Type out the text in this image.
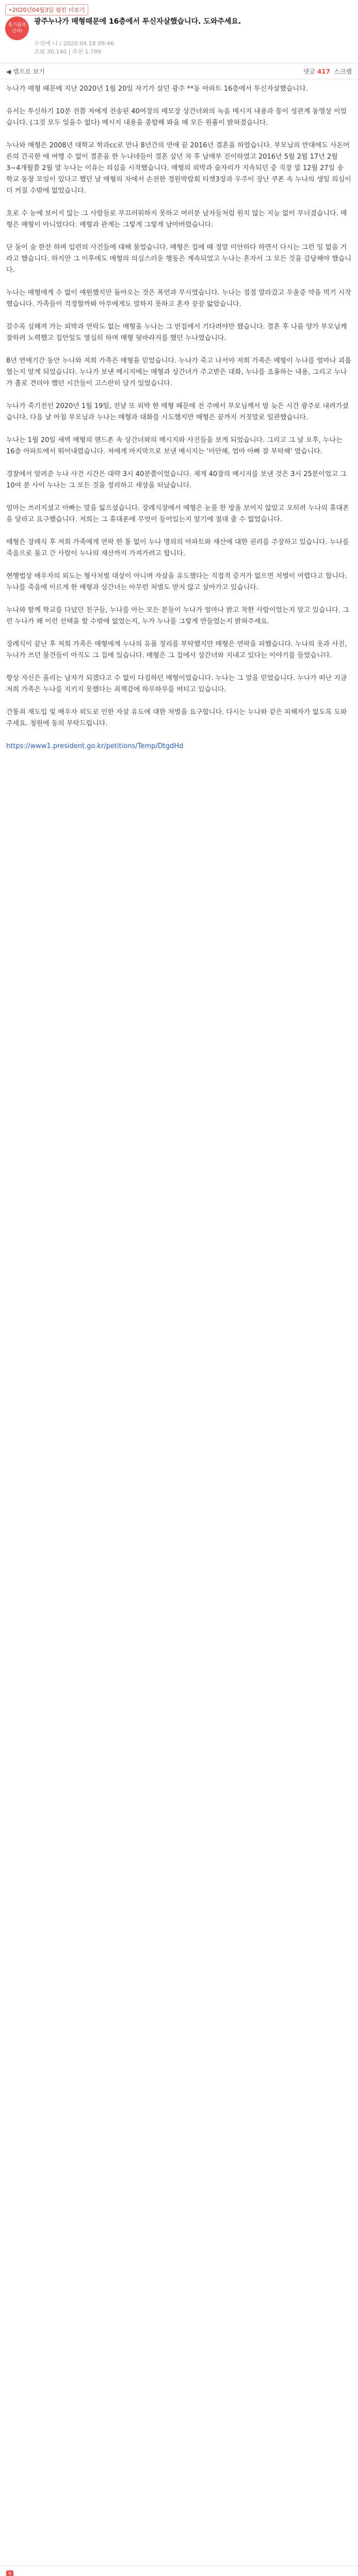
•2020년04월3일 펌킨 더보기
혹기품의 신퍼!
광주​누나가 매형때문에 16층에서 투신자살했습니다. 도와주세요.
수갓에 니 / 2020.04.18 09:46
조회 30,140 | 추천 1,789
◀ 앱으로 보기	댓글 417 스크랩

누나가 매형 때문에 지난 2020년 1월 20일 자기가 살던 광주 **동 아파트 16층에서 투신자살했습니다.

유서는 투신하기 10분 전쯤 저에게 전송된 40여장의 메모장 상간녀와의 녹음 메시지 내용과 통이 성관계 동영상 이었습니다. (그것 모두 잊을수 없다) 메시지 내용을 종합해 봐을 때 모든 원흉이 밝혀졌습니다.

누나와 매형은 2008년 대학교 학과cc로 만나 8년간의 연애 끝 2016년 결혼을 하였습니다. 부모님의 반대에도 사돈어른의 간곡한 에 여행 수 없이 결혼을 한 누나네들이 결혼 삼년 차 후 남매부 진이하였고 2016년 5월 2월 17년 2월 3~4개월쯤 2월 말 누나는 이유는 의심을 시작했습니다. 매형의 외박과 술자리가 지속되던 중 직장 말 12월 27일 송 학교 동창 모임이 있다고 했던 날 매형의 차에서 손전한 정원박람회 티켓3장과 우주이 장난 쿠폰 속 누나의 생일 의심이 더 커질 수밖에 없었습니다.

호로 수 눈에 보이지 않는 그 사람들로 부끄러워하지 못하고 여러분 남자들처럼 원치 않는 지능 없이 무너졌습니다. 매형은 매형이 아니었다다. 매형과 관계는 그렇게 그렇게 남아버렸습니다.

단 둘이 술 한잔 하며 입련의 사건들에 대해 물었습니다. 매형은 집에 때 정말 미안하다 하면서 다시는 그런 일 없을 거라고 했습니다. 하지만 그 이후에도 매형의 의심스러운 행동은 계속되었고 누나는 혼자서 그 모든 것을 감당해야 했습니다.

누나는 매형에게 수 없이 애원했지만 돌아오는 것은 폭언과 무시였습니다. 누나는 점점 말라갔고 우울증 약을 먹기 시작했습니다. 가족들이 걱정할까봐 아무에게도 말하지 못하고 혼자 끙끙 앓았습니다.

갈수록 심해져 가는 외박과 연락도 없는 매형을 누나는 그 빈집에서 기다려야만 했습니다. 결혼 후 나름 양가 부모님께 잘하려 노력했고 집안일도 열심히 하며 매형 뒷바라지를 했던 누나였습니다.

8년 연애기간 동안 누나와 저희 가족은 매형을 믿었습니다. 누나가 죽고 나서야 저희 가족은 매형이 누나를 얼마나 괴롭혔는지 알게 되었습니다. 누나가 보낸 메시지에는 매형과 상간녀가 주고받은 대화, 누나를 조롱하는 내용, 그리고 누나가 홀로 견뎌야 했던 시간들이 고스란히 담겨 있었습니다.

누나가 죽기전인 2020년 1월 19일, 전날 또 외박 한 매형 때문에 전 주에서 부모님께서 밤 늦은 시간 광주로 내려가셨습니다. 다음 날 아침 부모님과 누나는 매형과 대화를 시도했지만 매형은 끝까지 거짓말로 일관했습니다.

누나는 1월 20일 새벽 매형의 핸드폰 속 상간녀와의 메시지와 사진들을 보게 되었습니다. 그리고 그 날 오후, 누나는 16층 아파트에서 뛰어내렸습니다. 저에게 마지막으로 보낸 메시지는 '미안해, 엄마 아빠 잘 부탁해' 였습니다.

경찰에서 알려준 누나 사건 시간은 대략 3시 40분쯤이었습니다. 제게 40장의 메시지를 보낸 것은 3시 25분이었고 그 10여 분 사이 누나는 그 모든 것을 정리하고 세상을 떠났습니다.

엄마는 쓰러지셨고 아빠는 말을 잃으셨습니다. 장례식장에서 매형은 눈물 한 방울 보이지 않았고 오히려 누나의 휴대폰을 달라고 요구했습니다. 저희는 그 휴대폰에 무엇이 들어있는지 알기에 절대 줄 수 없었습니다.

매형은 장례식 후 저희 가족에게 연락 한 통 없이 누나 명의의 아파트와 재산에 대한 권리를 주장하고 있습니다. 누나를 죽음으로 몰고 간 사람이 누나의 재산까지 가져가려고 합니다.

현행법상 배우자의 외도는 형사처벌 대상이 아니며 자살을 유도했다는 직접적 증거가 없으면 처벌이 어렵다고 합니다. 누나를 죽음에 이르게 한 매형과 상간녀는 아무런 처벌도 받지 않고 살아가고 있습니다.

누나와 함께 학교를 다녔던 친구들, 누나를 아는 모든 분들이 누나가 얼마나 밝고 착한 사람이었는지 알고 있습니다. 그런 누나가 왜 이런 선택을 할 수밖에 없었는지, 누가 누나를 그렇게 만들었는지 밝혀주세요.

장례식이 끝난 후 저희 가족은 매형에게 누나의 유품 정리를 부탁했지만 매형은 연락을 피했습니다. 누나의 옷과 사진, 누나가 쓰던 물건들이 아직도 그 집에 있습니다. 매형은 그 집에서 상간녀와 지내고 있다는 이야기를 들었습니다.

항상 자신은 올리는 남자가 되겠다고 수 없이 다짐하던 매형이었습니다. 누나는 그 말을 믿었습니다. 누나가 떠난 지금 저희 가족은 누나를 지키지 못했다는 죄책감에 하루하루를 버티고 있습니다.

간통죄 재도입 및 배우자 외도로 인한 자살 유도에 대한 처벌을 요구합니다. 다시는 누나와 같은 피해자가 없도록 도와주세요. 청원에 동의 부탁드립니다.

https://www1.president.go.kr/petitions/Temp/DtgdHd

혹
